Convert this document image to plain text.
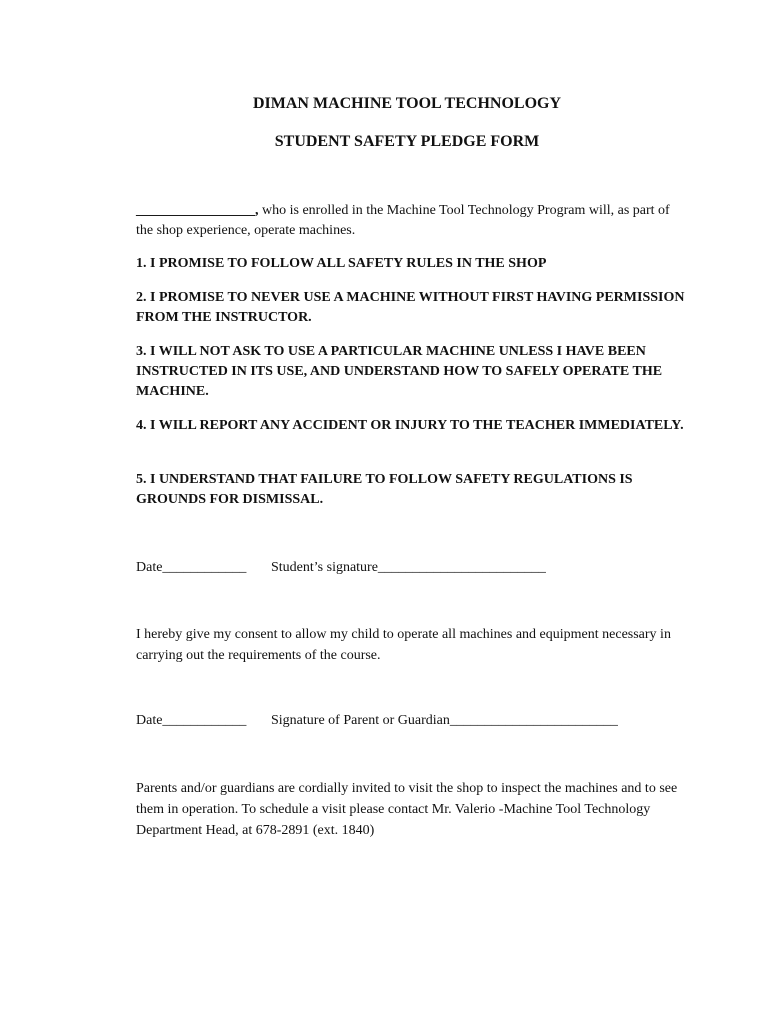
DIMAN MACHINE TOOL TECHNOLOGY
STUDENT SAFETY PLEDGE FORM

_________________, who is enrolled in the Machine Tool Technology Program will, as part of the shop experience, operate machines.

1. I PROMISE TO FOLLOW ALL SAFETY RULES IN THE SHOP

2. I PROMISE TO NEVER USE A MACHINE WITHOUT FIRST HAVING PERMISSION FROM THE INSTRUCTOR.

3. I WILL NOT ASK TO USE A PARTICULAR MACHINE UNLESS I HAVE BEEN INSTRUCTED IN ITS USE, AND UNDERSTAND HOW TO SAFELY OPERATE THE MACHINE.

4. I WILL REPORT ANY ACCIDENT OR INJURY TO THE TEACHER IMMEDIATELY.

5. I UNDERSTAND THAT FAILURE TO FOLLOW SAFETY REGULATIONS IS GROUNDS FOR DISMISSAL.

Date____________ Student’s signature________________________

I hereby give my consent to allow my child to operate all machines and equipment necessary in carrying out the requirements of the course.

Date____________ Signature of Parent or Guardian________________________

Parents and/or guardians are cordially invited to visit the shop to inspect the machines and to see them in operation. To schedule a visit please contact Mr. Valerio -Machine Tool Technology Department Head, at 678-2891 (ext. 1840)
